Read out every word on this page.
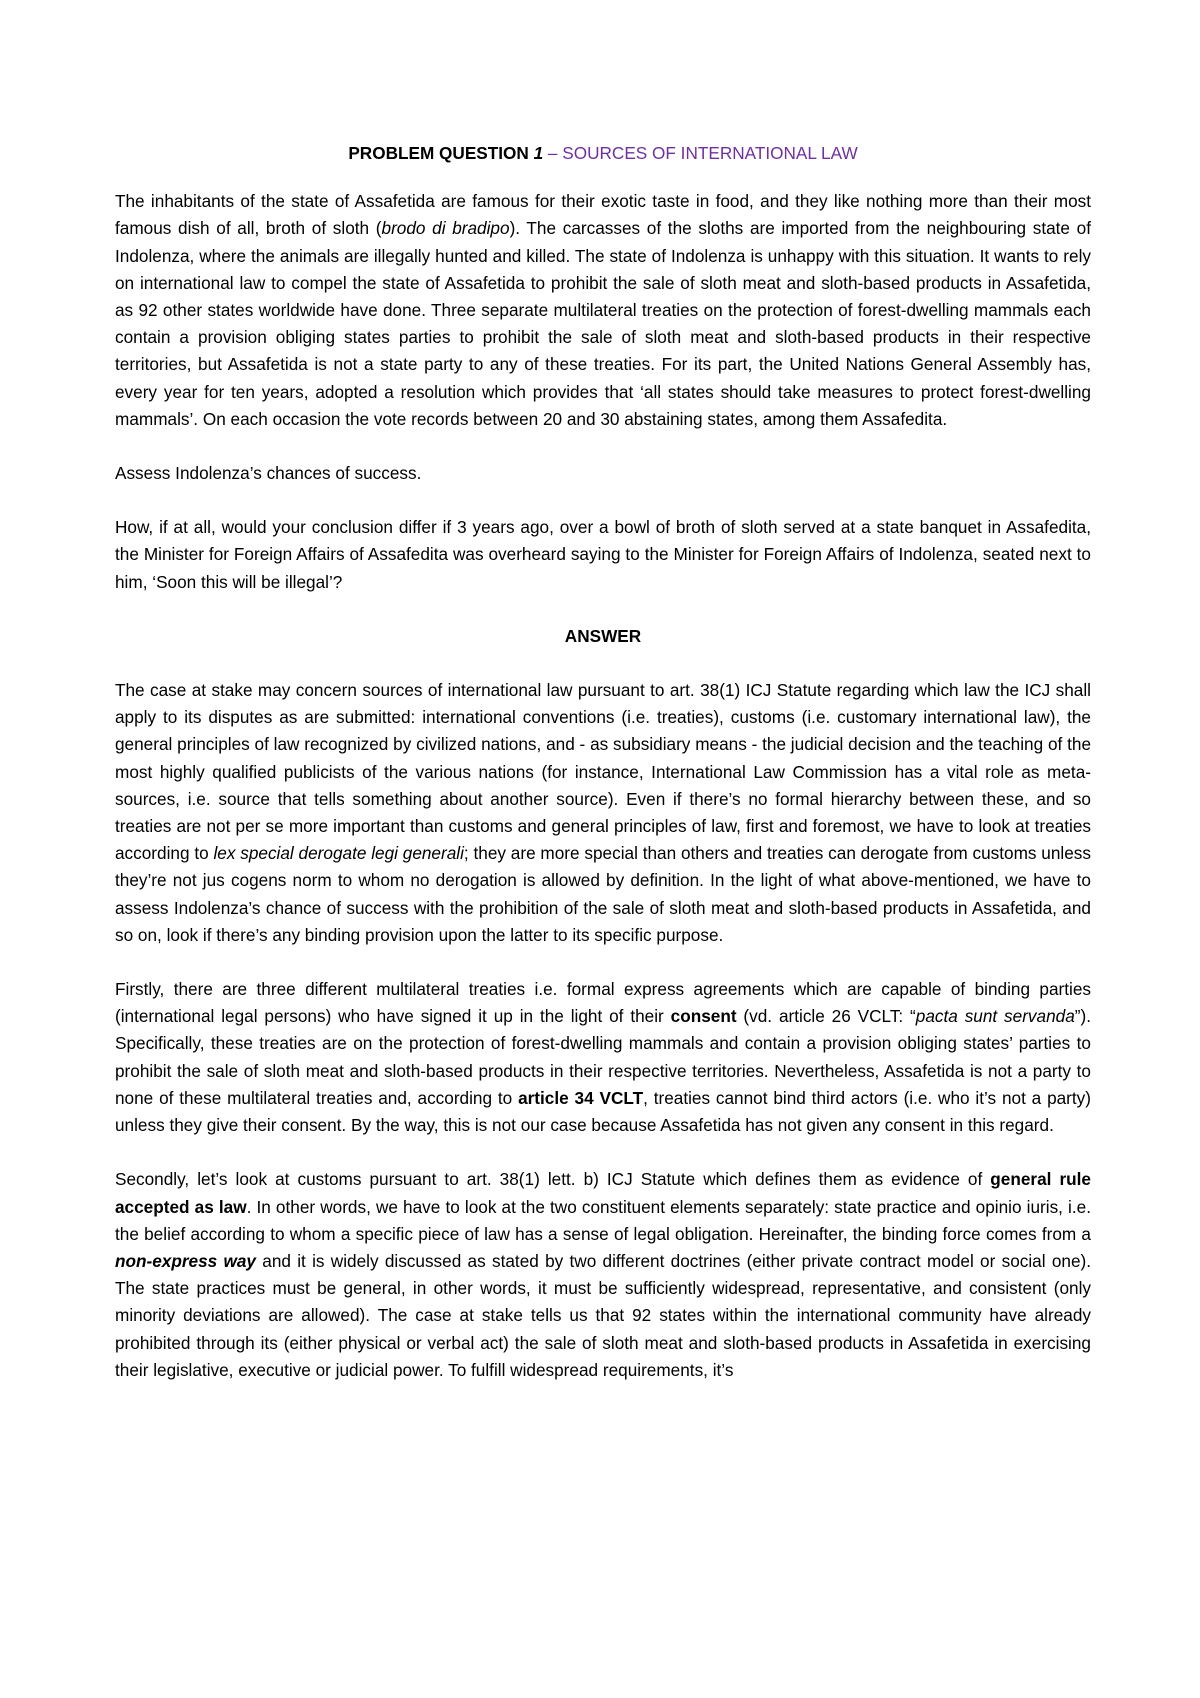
PROBLEM QUESTION 1 – SOURCES OF INTERNATIONAL LAW

The inhabitants of the state of Assafetida are famous for their exotic taste in food, and they like nothing more than their most famous dish of all, broth of sloth (brodo di bradipo). The carcasses of the sloths are imported from the neighbouring state of Indolenza, where the animals are illegally hunted and killed. The state of Indolenza is unhappy with this situation. It wants to rely on international law to compel the state of Assafetida to prohibit the sale of sloth meat and sloth-based products in Assafetida, as 92 other states worldwide have done. Three separate multilateral treaties on the protection of forest-dwelling mammals each contain a provision obliging states parties to prohibit the sale of sloth meat and sloth-based products in their respective territories, but Assafetida is not a state party to any of these treaties. For its part, the United Nations General Assembly has, every year for ten years, adopted a resolution which provides that ‘all states should take measures to protect forest-dwelling mammals’. On each occasion the vote records between 20 and 30 abstaining states, among them Assafedita.

Assess Indolenza’s chances of success.

How, if at all, would your conclusion differ if 3 years ago, over a bowl of broth of sloth served at a state banquet in Assafedita, the Minister for Foreign Affairs of Assafedita was overheard saying to the Minister for Foreign Affairs of Indolenza, seated next to him, ‘Soon this will be illegal’?

ANSWER

The case at stake may concern sources of international law pursuant to art. 38(1) ICJ Statute regarding which law the ICJ shall apply to its disputes as are submitted: international conventions (i.e. treaties), customs (i.e. customary international law), the general principles of law recognized by civilized nations, and - as subsidiary means - the judicial decision and the teaching of the most highly qualified publicists of the various nations (for instance, International Law Commission has a vital role as meta-sources, i.e. source that tells something about another source). Even if there’s no formal hierarchy between these, and so treaties are not per se more important than customs and general principles of law, first and foremost, we have to look at treaties according to lex special derogate legi generali; they are more special than others and treaties can derogate from customs unless they’re not jus cogens norm to whom no derogation is allowed by definition. In the light of what above-mentioned, we have to assess Indolenza’s chance of success with the prohibition of the sale of sloth meat and sloth-based products in Assafetida, and so on, look if there’s any binding provision upon the latter to its specific purpose.

Firstly, there are three different multilateral treaties i.e. formal express agreements which are capable of binding parties (international legal persons) who have signed it up in the light of their consent (vd. article 26 VCLT: “pacta sunt servanda”). Specifically, these treaties are on the protection of forest-dwelling mammals and contain a provision obliging states’ parties to prohibit the sale of sloth meat and sloth-based products in their respective territories. Nevertheless, Assafetida is not a party to none of these multilateral treaties and, according to article 34 VCLT, treaties cannot bind third actors (i.e. who it’s not a party) unless they give their consent. By the way, this is not our case because Assafetida has not given any consent in this regard.

Secondly, let’s look at customs pursuant to art. 38(1) lett. b) ICJ Statute which defines them as evidence of general rule accepted as law. In other words, we have to look at the two constituent elements separately: state practice and opinio iuris, i.e. the belief according to whom a specific piece of law has a sense of legal obligation. Hereinafter, the binding force comes from a non-express way and it is widely discussed as stated by two different doctrines (either private contract model or social one). The state practices must be general, in other words, it must be sufficiently widespread, representative, and consistent (only minority deviations are allowed). The case at stake tells us that 92 states within the international community have already prohibited through its (either physical or verbal act) the sale of sloth meat and sloth-based products in Assafetida in exercising their legislative, executive or judicial power. To fulfill widespread requirements, it’s
